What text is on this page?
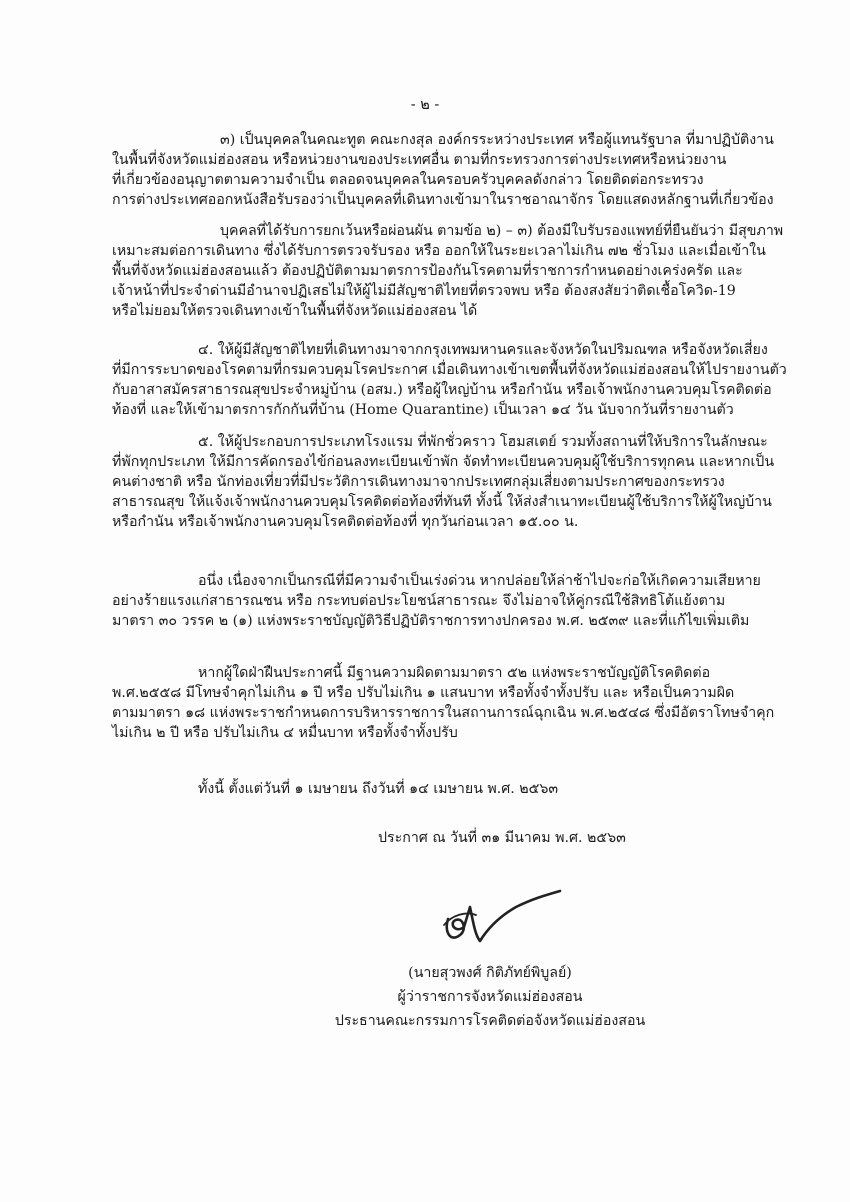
- ๒ -
๓) เป็นบุคคลในคณะทูต คณะกงสุล องค์กรระหว่างประเทศ หรือผู้แทนรัฐบาล ที่มาปฏิบัติงาน
ในพื้นที่จังหวัดแม่ฮ่องสอน หรือหน่วยงานของประเทศอื่น ตามที่กระทรวงการต่างประเทศหรือหน่วยงาน
ที่เกี่ยวข้องอนุญาตตามความจำเป็น ตลอดจนบุคคลในครอบครัวบุคคลดังกล่าว โดยติดต่อกระทรวง
การต่างประเทศออกหนังสือรับรองว่าเป็นบุคคลที่เดินทางเข้ามาในราชอาณาจักร โดยแสดงหลักฐานที่เกี่ยวข้อง
บุคคลที่ได้รับการยกเว้นหรือผ่อนผัน ตามข้อ ๒) – ๓) ต้องมีใบรับรองแพทย์ที่ยืนยันว่า มีสุขภาพ
เหมาะสมต่อการเดินทาง ซึ่งได้รับการตรวจรับรอง หรือ ออกให้ในระยะเวลาไม่เกิน ๗๒ ชั่วโมง และเมื่อเข้าใน
พื้นที่จังหวัดแม่ฮ่องสอนแล้ว ต้องปฏิบัติตามมาตรการป้องกันโรคตามที่ราชการกำหนดอย่างเคร่งครัด และ
เจ้าหน้าที่ประจำด่านมีอำนาจปฏิเสธไม่ให้ผู้ไม่มีสัญชาติไทยที่ตรวจพบ หรือ ต้องสงสัยว่าติดเชื้อโควิด-19
หรือไม่ยอมให้ตรวจเดินทางเข้าในพื้นที่จังหวัดแม่ฮ่องสอน ได้
๔. ให้ผู้มีสัญชาติไทยที่เดินทางมาจากกรุงเทพมหานครและจังหวัดในปริมณฑล หรือจังหวัดเสี่ยง
ที่มีการระบาดของโรคตามที่กรมควบคุมโรคประกาศ เมื่อเดินทางเข้าเขตพื้นที่จังหวัดแม่ฮ่องสอนให้ไปรายงานตัว
กับอาสาสมัครสาธารณสุขประจำหมู่บ้าน (อสม.) หรือผู้ใหญ่บ้าน หรือกำนัน หรือเจ้าพนักงานควบคุมโรคติดต่อ
ท้องที่ และให้เข้ามาตรการกักกันที่บ้าน (Home Quarantine) เป็นเวลา ๑๔ วัน นับจากวันที่รายงานตัว
๕. ให้ผู้ประกอบการประเภทโรงแรม ที่พักชั่วคราว โฮมสเตย์ รวมทั้งสถานที่ให้บริการในลักษณะ
ที่พักทุกประเภท ให้มีการคัดกรองไข้ก่อนลงทะเบียนเข้าพัก จัดทำทะเบียนควบคุมผู้ใช้บริการทุกคน และหากเป็น
คนต่างชาติ หรือ นักท่องเที่ยวที่มีประวัติการเดินทางมาจากประเทศกลุ่มเสี่ยงตามประกาศของกระทรวง
สาธารณสุข ให้แจ้งเจ้าพนักงานควบคุมโรคติดต่อท้องที่ทันที ทั้งนี้ ให้ส่งสำเนาทะเบียนผู้ใช้บริการให้ผู้ใหญ่บ้าน
หรือกำนัน หรือเจ้าพนักงานควบคุมโรคติดต่อท้องที่ ทุกวันก่อนเวลา ๑๕.๐๐ น.
อนึ่ง เนื่องจากเป็นกรณีที่มีความจำเป็นเร่งด่วน หากปล่อยให้ล่าช้าไปจะก่อให้เกิดความเสียหาย
อย่างร้ายแรงแก่สาธารณชน หรือ กระทบต่อประโยชน์สาธารณะ จึงไม่อาจให้คู่กรณีใช้สิทธิโต้แย้งตาม
มาตรา ๓๐ วรรค ๒ (๑) แห่งพระราชบัญญัติวิธีปฏิบัติราชการทางปกครอง พ.ศ. ๒๕๓๙ และที่แก้ไขเพิ่มเติม
หากผู้ใดฝ่าฝืนประกาศนี้ มีฐานความผิดตามมาตรา ๕๒ แห่งพระราชบัญญัติโรคติดต่อ
พ.ศ.๒๕๕๘ มีโทษจำคุกไม่เกิน ๑ ปี หรือ ปรับไม่เกิน ๑ แสนบาท หรือทั้งจำทั้งปรับ และ หรือเป็นความผิด
ตามมาตรา ๑๘ แห่งพระราชกำหนดการบริหารราชการในสถานการณ์ฉุกเฉิน พ.ศ.๒๕๔๘ ซึ่งมีอัตราโทษจำคุก
ไม่เกิน ๒ ปี หรือ ปรับไม่เกิน ๔ หมื่นบาท หรือทั้งจำทั้งปรับ
ทั้งนี้ ตั้งแต่วันที่ ๑ เมษายน ถึงวันที่ ๑๔ เมษายน พ.ศ. ๒๕๖๓
ประกาศ ณ วันที่ ๓๑ มีนาคม พ.ศ. ๒๕๖๓
(นายสุวพงศ์ กิติภัทย์พิบูลย์)
ผู้ว่าราชการจังหวัดแม่ฮ่องสอน
ประธานคณะกรรมการโรคติดต่อจังหวัดแม่ฮ่องสอน
